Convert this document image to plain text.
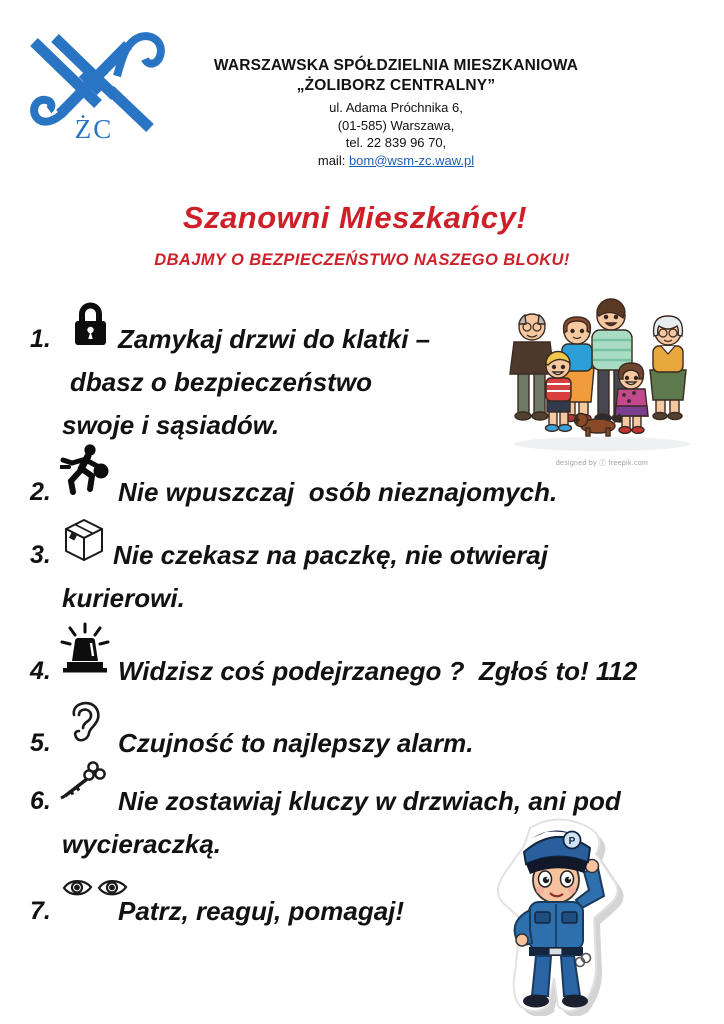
ŻC
WARSZAWSKA SPÓŁDZIELNIA MIESZKANIOWA
„ŻOLIBORZ CENTRALNY”
ul. Adama Próchnika 6,
(01-585) Warszawa,
tel. 22 839 96 70,
mail: bom@wsm-zc.waw.pl
Szanowni Mieszkańcy!
DBAJMY O BEZPIECZEŃSTWO NASZEGO BLOKU!
1.	Zamykaj drzwi do klatki –
dbasz o bezpieczeństwo
swoje i sąsiadów.
2.	Nie wpuszczaj  osób nieznajomych.
3. Nie czekasz na paczkę, nie otwieraj
kurierowi.
4.	Widzisz coś podejrzanego ?  Zgłoś to! 112
5.	Czujność to najlepszy alarm.
6.	Nie zostawiaj kluczy w drzwiach, ani pod
wycieraczką.
7.	Patrz, reaguj, pomagaj!
designed by ⓕ freepik.com
P
